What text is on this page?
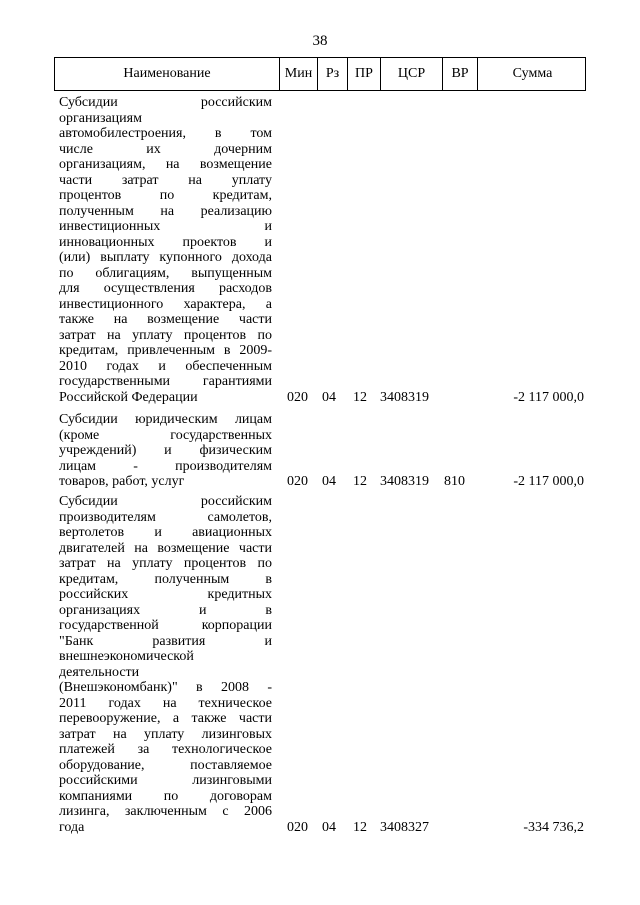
38
Наименование	Мин Рз	ПР	ЦСР	ВР	Сумма
Субсидии российским
организациям
автомобилестроения, в том
числе их дочерним
организациям, на возмещение
части затрат на уплату
процентов по кредитам,
полученным на реализацию
инвестиционных и
инновационных проектов и
(или) выплату купонного дохода
по облигациям, выпущенным
для осуществления расходов
инвестиционного характера, а
также на возмещение части
затрат на уплату процентов по
кредитам, привлеченным в 2009-
2010 годах и обеспеченным
государственными гарантиями
Российской Федерации	020 04 12 3408319	-2 117 000,0
Субсидии юридическим лицам
(кроме государственных
учреждений) и физическим
лицам - производителям
товаров, работ, услуг	020 04 12 3408319 810	-2 117 000,0
Субсидии российским
производителям самолетов,
вертолетов и авиационных
двигателей на возмещение части
затрат на уплату процентов по
кредитам, полученным в
российских кредитных
организациях и в
государственной корпорации
"Банк развития и
внешнеэкономической
деятельности
(Внешэкономбанк)" в 2008 -
2011 годах на техническое
перевооружение, а также части
затрат на уплату лизинговых
платежей за технологическое
оборудование, поставляемое
российскими лизинговыми
компаниями по договорам
лизинга, заключенным с 2006
года	020 04 12 3408327	-334 736,2
